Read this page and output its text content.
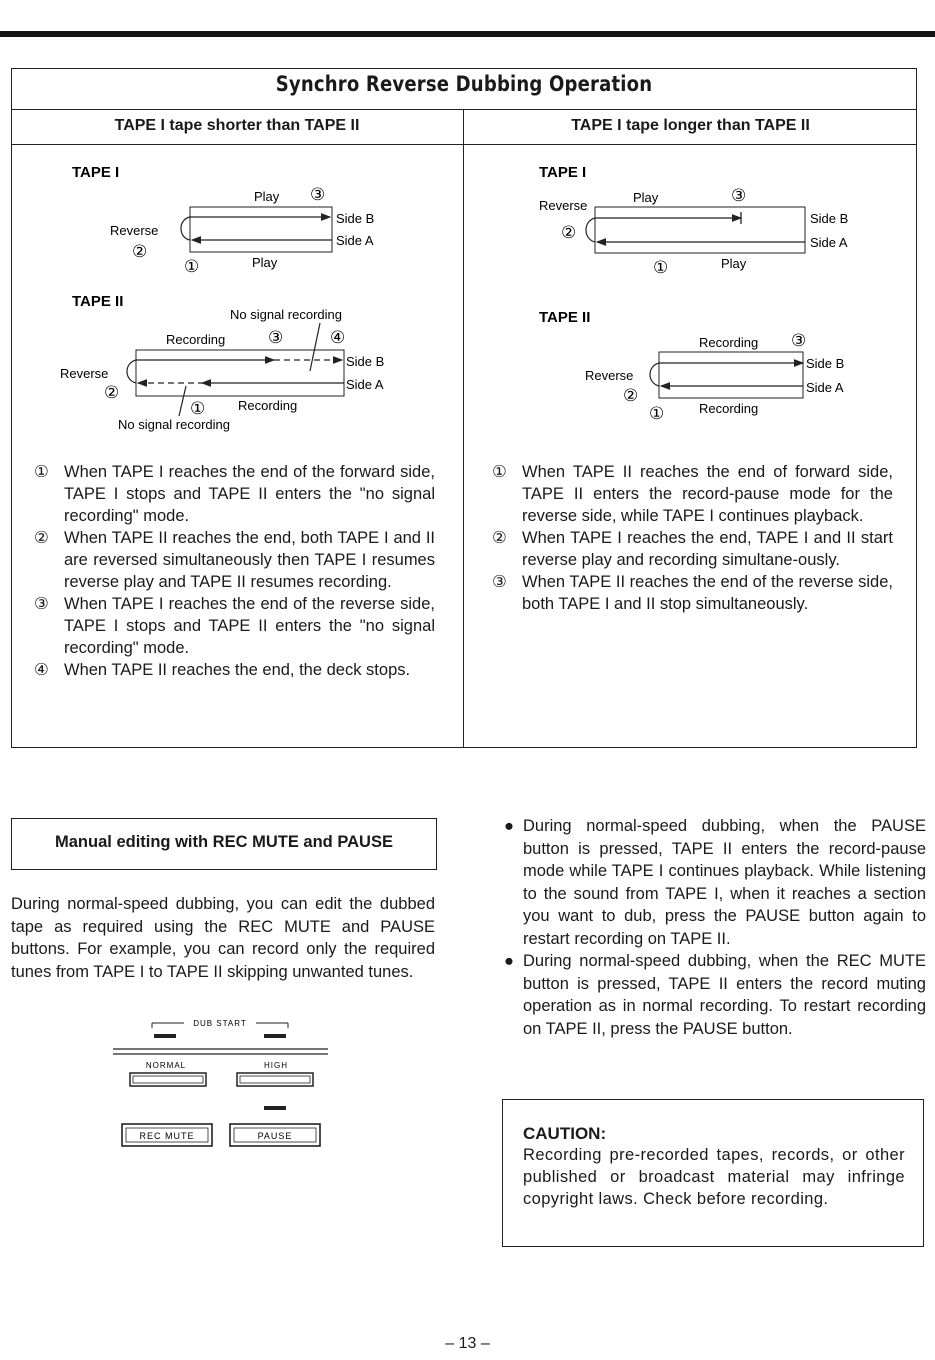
Synchro Reverse Dubbing Operation
TAPE I tape shorter than TAPE II	TAPE I tape longer than TAPE II
TAPE I
Play ③
Side B
Side A
Reverse
②
①	Play
TAPE II
No signal recording
Recording	③	④
Side B
Side A
Reverse
②
①	Recording
No signal recording
TAPE I
Reverse
Play	③
Side B
Side A
②
①	Play
TAPE II
Recording ③
Side B
Side A
Reverse
②
①	Recording
① When TAPE I reaches the end of the forward side, TAPE I stops and TAPE II enters the "no signal recording" mode.
② When TAPE II reaches the end, both TAPE I and II are reversed simultaneously then TAPE I resumes reverse play and TAPE II resumes recording.
③ When TAPE I reaches the end of the reverse side, TAPE I stops and TAPE II enters the "no signal recording" mode.
④ When TAPE II reaches the end, the deck stops.
① When TAPE II reaches the end of forward side, TAPE II enters the record-pause mode for the reverse side, while TAPE I continues playback.
② When TAPE I reaches the end, TAPE I and II start reverse play and recording simultane-ously.
③ When TAPE II reaches the end of the reverse side, both TAPE I and II stop simultaneously.
Manual editing with REC MUTE and PAUSE
During normal-speed dubbing, you can edit the dubbed tape as required using the REC MUTE and PAUSE buttons. For example, you can record only the required tunes from TAPE I to TAPE II skipping unwanted tunes.
DUB START
NORMAL	HIGH
REC MUTE	PAUSE
● During normal-speed dubbing, when the PAUSE button is pressed, TAPE II enters the record-pause mode while TAPE I continues playback. While listening to the sound from TAPE I, when it reaches a section you want to dub, press the PAUSE button again to restart recording on TAPE II.
● During normal-speed dubbing, when the REC MUTE button is pressed, TAPE II enters the record muting operation as in normal recording. To restart recording on TAPE II, press the PAUSE button.
CAUTION:
Recording pre-recorded tapes, records, or other published or broadcast material may infringe copyright laws. Check before recording.
– 13 –
